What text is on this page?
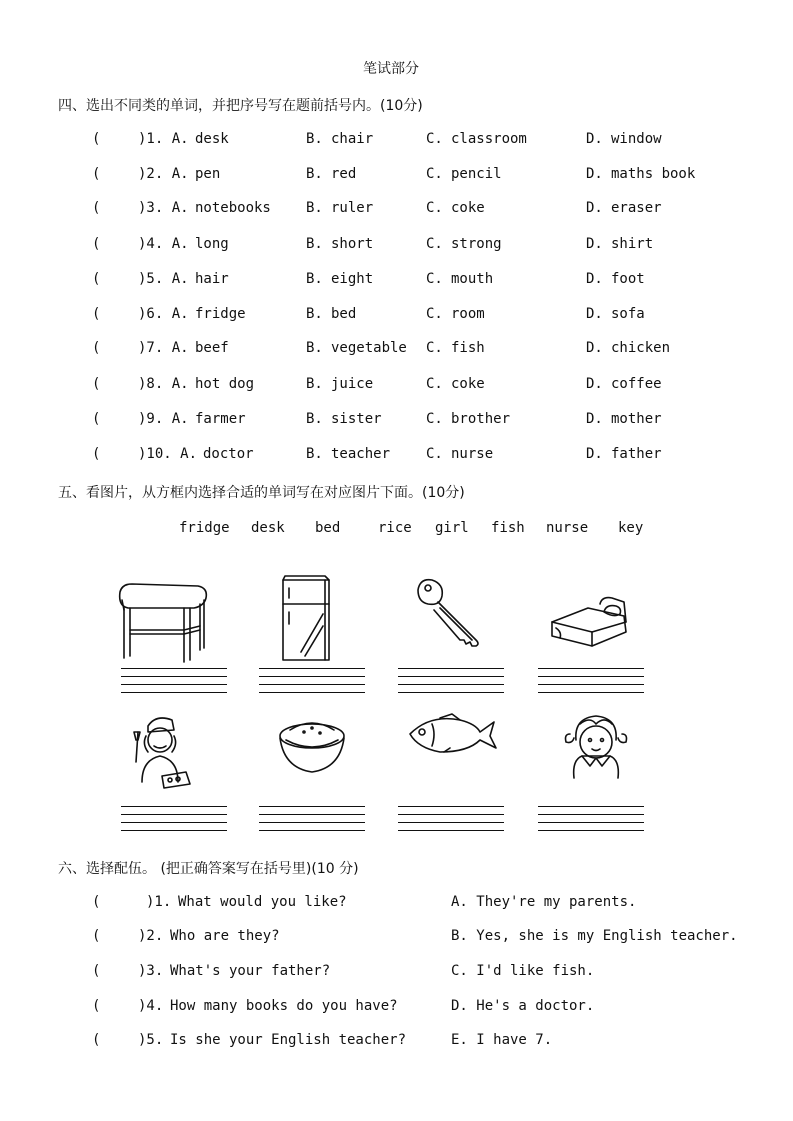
笔试部分
四、选出不同类的单词，并把序号写在题前括号内。(10分)
(	)1. A. desk	B. chair	C. classroom	D. window
(	)2. A. pen	B. red	C. pencil	D. maths book
(	)3. A. notebooks	B. ruler	C. coke	D. eraser
(	)4. A. long	B. short	C. strong	D. shirt
(	)5. A. hair	B. eight	C. mouth	D. foot
(	)6. A. fridge	B. bed	C. room	D. sofa
(	)7. A. beef	B. vegetable C. fish	D. chicken
(	)8. A. hot dog	B. juice	C. coke	D. coffee
(	)9. A. farmer	B. sister	C. brother	D. mother
(	)10. A. doctor	B. teacher	C. nurse	D. father
五、看图片，从方框内选择合适的单词写在对应图片下面。(10分)
fridge desk bed	rice girl fish nurse key
六、选择配伍。 (把正确答案写在括号里)(10 分)
(	)1. What would you like?	A. They're my parents.
(	)2. Who are they?	B. Yes, she is my English teacher.
(	)3. What's your father?	C. I'd like fish.
(	)4. How many books do you have?	D. He's a doctor.
(	)5. Is she your English teacher?	E. I have 7.
